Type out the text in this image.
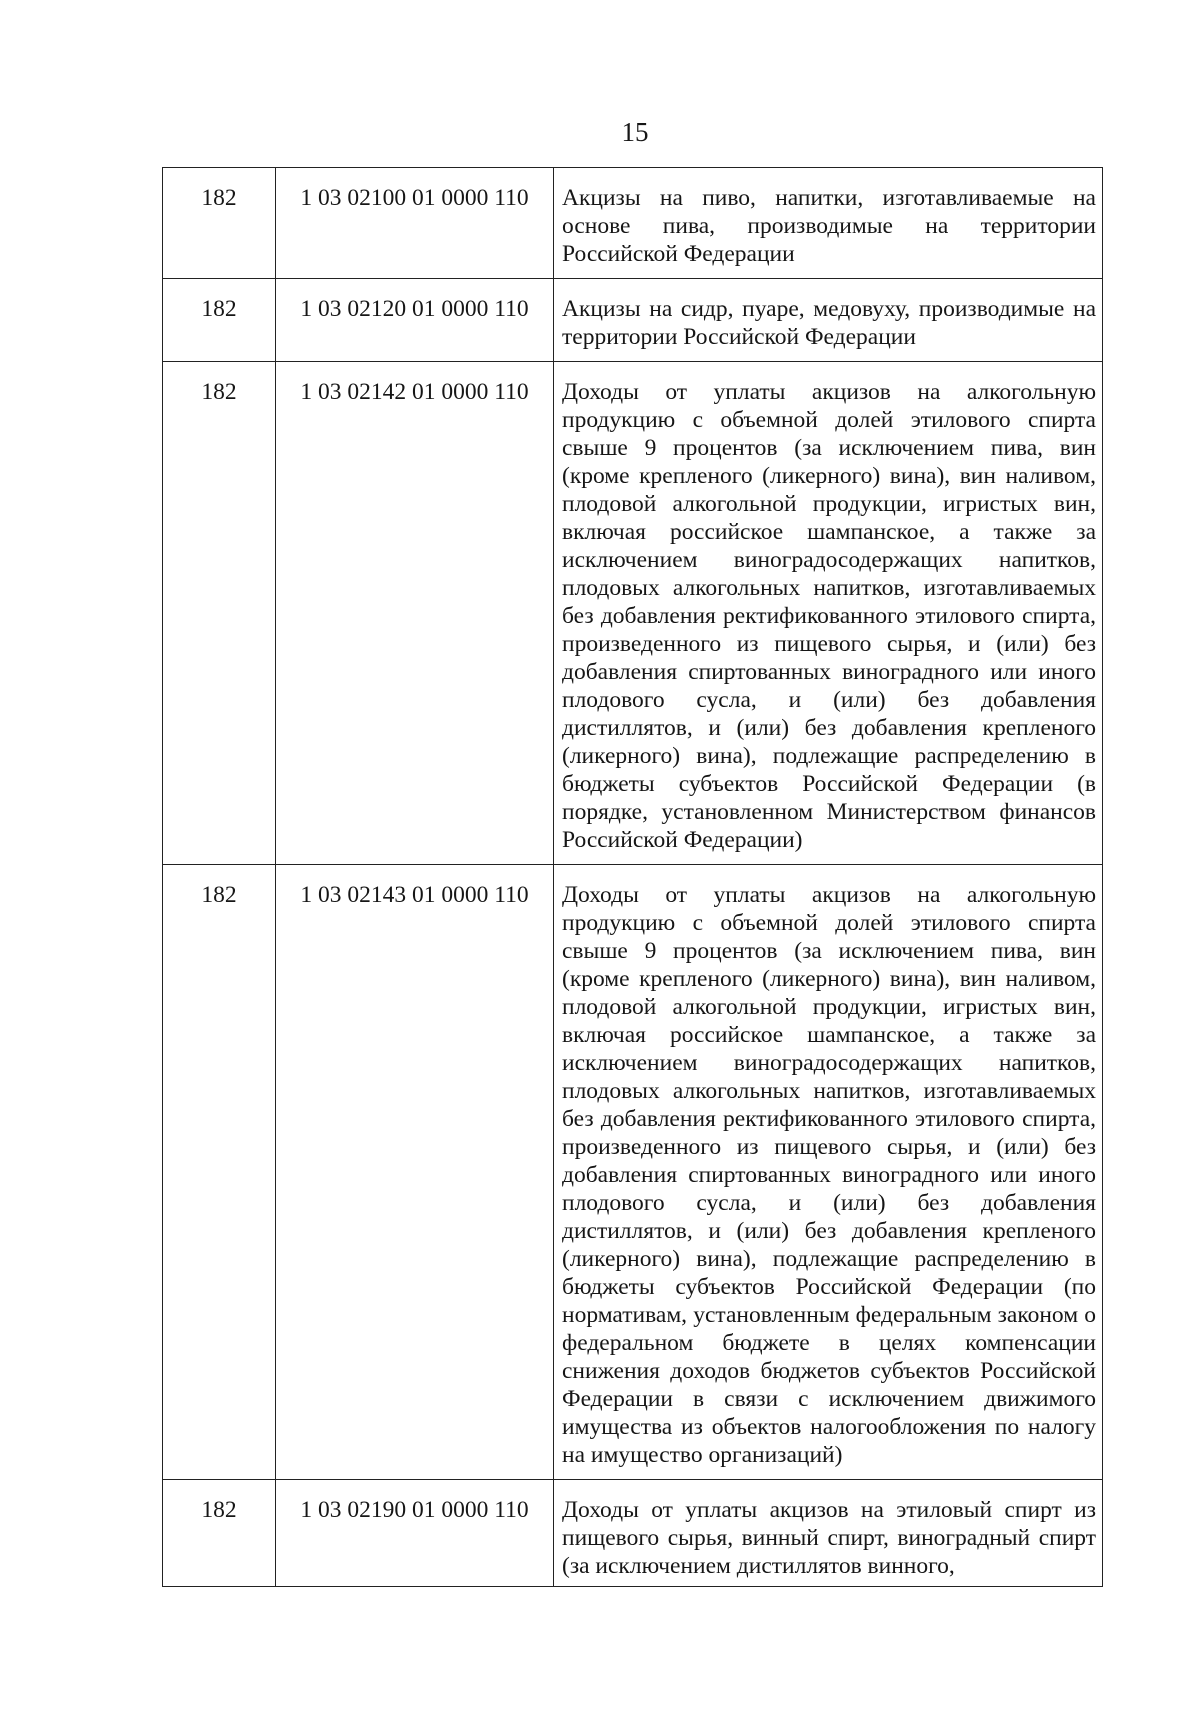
15
182	1 03 02100 01 0000 110	Акцизы на пиво, напитки, изготавливаемые на основе пива, производимые на территории Российской Федерации
182	1 03 02120 01 0000 110	Акцизы на сидр, пуаре, медовуху, производимые на территории Российской Федерации
182	1 03 02142 01 0000 110	Доходы от уплаты акцизов на алкогольную продукцию с объемной долей этилового спирта свыше 9 процентов (за исключением пива, вин (кроме крепленого (ликерного) вина), вин наливом, плодовой алкогольной продукции, игристых вин, включая российское шампанское, а также за исключением виноградосодержащих напитков, плодовых алкогольных напитков, изготавливаемых без добавления ректификованного этилового спирта, произведенного из пищевого сырья, и (или) без добавления спиртованных виноградного или иного плодового сусла, и (или) без добавления дистиллятов, и (или) без добавления крепленого (ликерного) вина), подлежащие распределению в бюджеты субъектов Российской Федерации (в порядке, установленном Министерством финансов Российской Федерации)
182	1 03 02143 01 0000 110	Доходы от уплаты акцизов на алкогольную продукцию с объемной долей этилового спирта свыше 9 процентов (за исключением пива, вин (кроме крепленого (ликерного) вина), вин наливом, плодовой алкогольной продукции, игристых вин, включая российское шампанское, а также за исключением виноградосодержащих напитков, плодовых алкогольных напитков, изготавливаемых без добавления ректификованного этилового спирта, произведенного из пищевого сырья, и (или) без добавления спиртованных виноградного или иного плодового сусла, и (или) без добавления дистиллятов, и (или) без добавления крепленого (ликерного) вина), подлежащие распределению в бюджеты субъектов Российской Федерации (по нормативам, установленным федеральным законом о федеральном бюджете в целях компенсации снижения доходов бюджетов субъектов Российской Федерации в связи с исключением движимого имущества из объектов налогообложения по налогу на имущество организаций)
182	1 03 02190 01 0000 110	Доходы от уплаты акцизов на этиловый спирт из пищевого сырья, винный спирт, виноградный спирт (за исключением дистиллятов винного,
